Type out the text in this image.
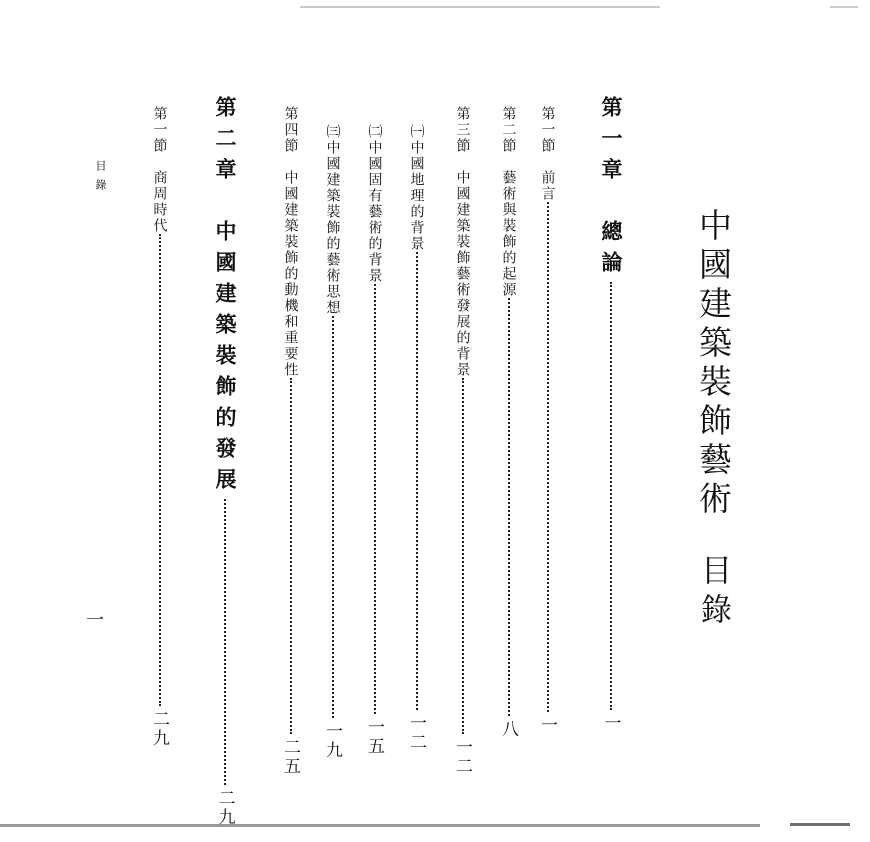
中國建築裝飾藝術
目錄
第一章　總論
一
第一節　前言
一
第二節　藝術與裝飾的起源
八
第三節　中國建築裝飾藝術發展的背景
一二
㈠中國地理的背景
一二
㈡中國固有藝術的背景
一五
㈢中國建築裝飾的藝術思想
一九
第四節　中國建築裝飾的動機和重要性
二五
第二章　中國建築裝飾的發展
二九
第一節　商周時代
二九
目錄
一
